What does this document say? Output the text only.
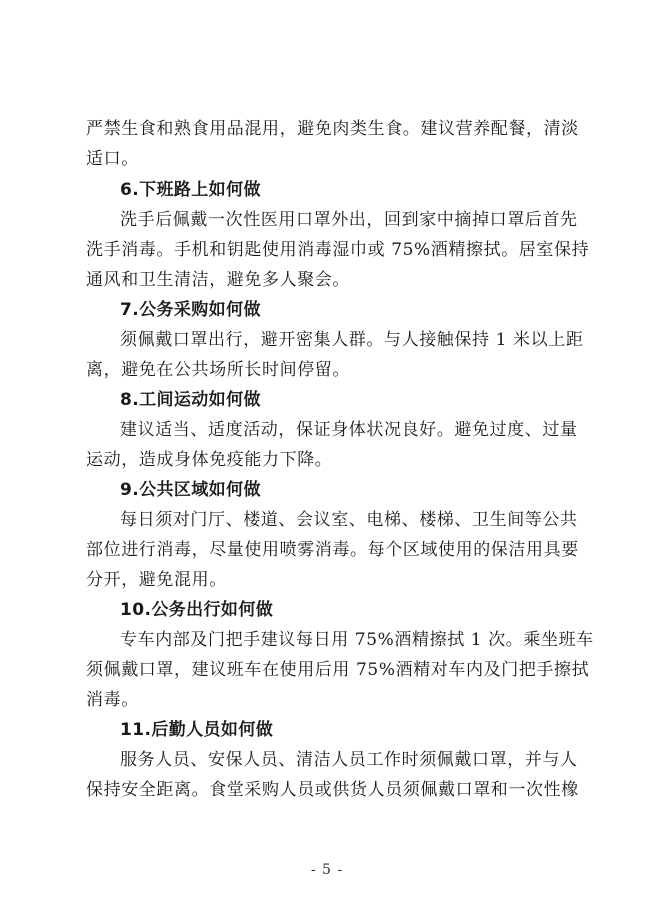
严禁生食和熟食用品混用，避免肉类生食。建议营养配餐，清淡
适口。
6.下班路上如何做
洗手后佩戴一次性医用口罩外出，回到家中摘掉口罩后首先
洗手消毒。手机和钥匙使用消毒湿巾或 75%酒精擦拭。居室保持
通风和卫生清洁，避免多人聚会。
7.公务采购如何做
须佩戴口罩出行，避开密集人群。与人接触保持 1 米以上距
离，避免在公共场所长时间停留。
8.工间运动如何做
建议适当、适度活动，保证身体状况良好。避免过度、过量
运动，造成身体免疫能力下降。
9.公共区域如何做
每日须对门厅、楼道、会议室、电梯、楼梯、卫生间等公共
部位进行消毒，尽量使用喷雾消毒。每个区域使用的保洁用具要
分开，避免混用。
10.公务出行如何做
专车内部及门把手建议每日用 75%酒精擦拭 1 次。乘坐班车
须佩戴口罩，建议班车在使用后用 75%酒精对车内及门把手擦拭
消毒。
11.后勤人员如何做
服务人员、安保人员、清洁人员工作时须佩戴口罩，并与人
保持安全距离。食堂采购人员或供货人员须佩戴口罩和一次性橡
- 5 -
